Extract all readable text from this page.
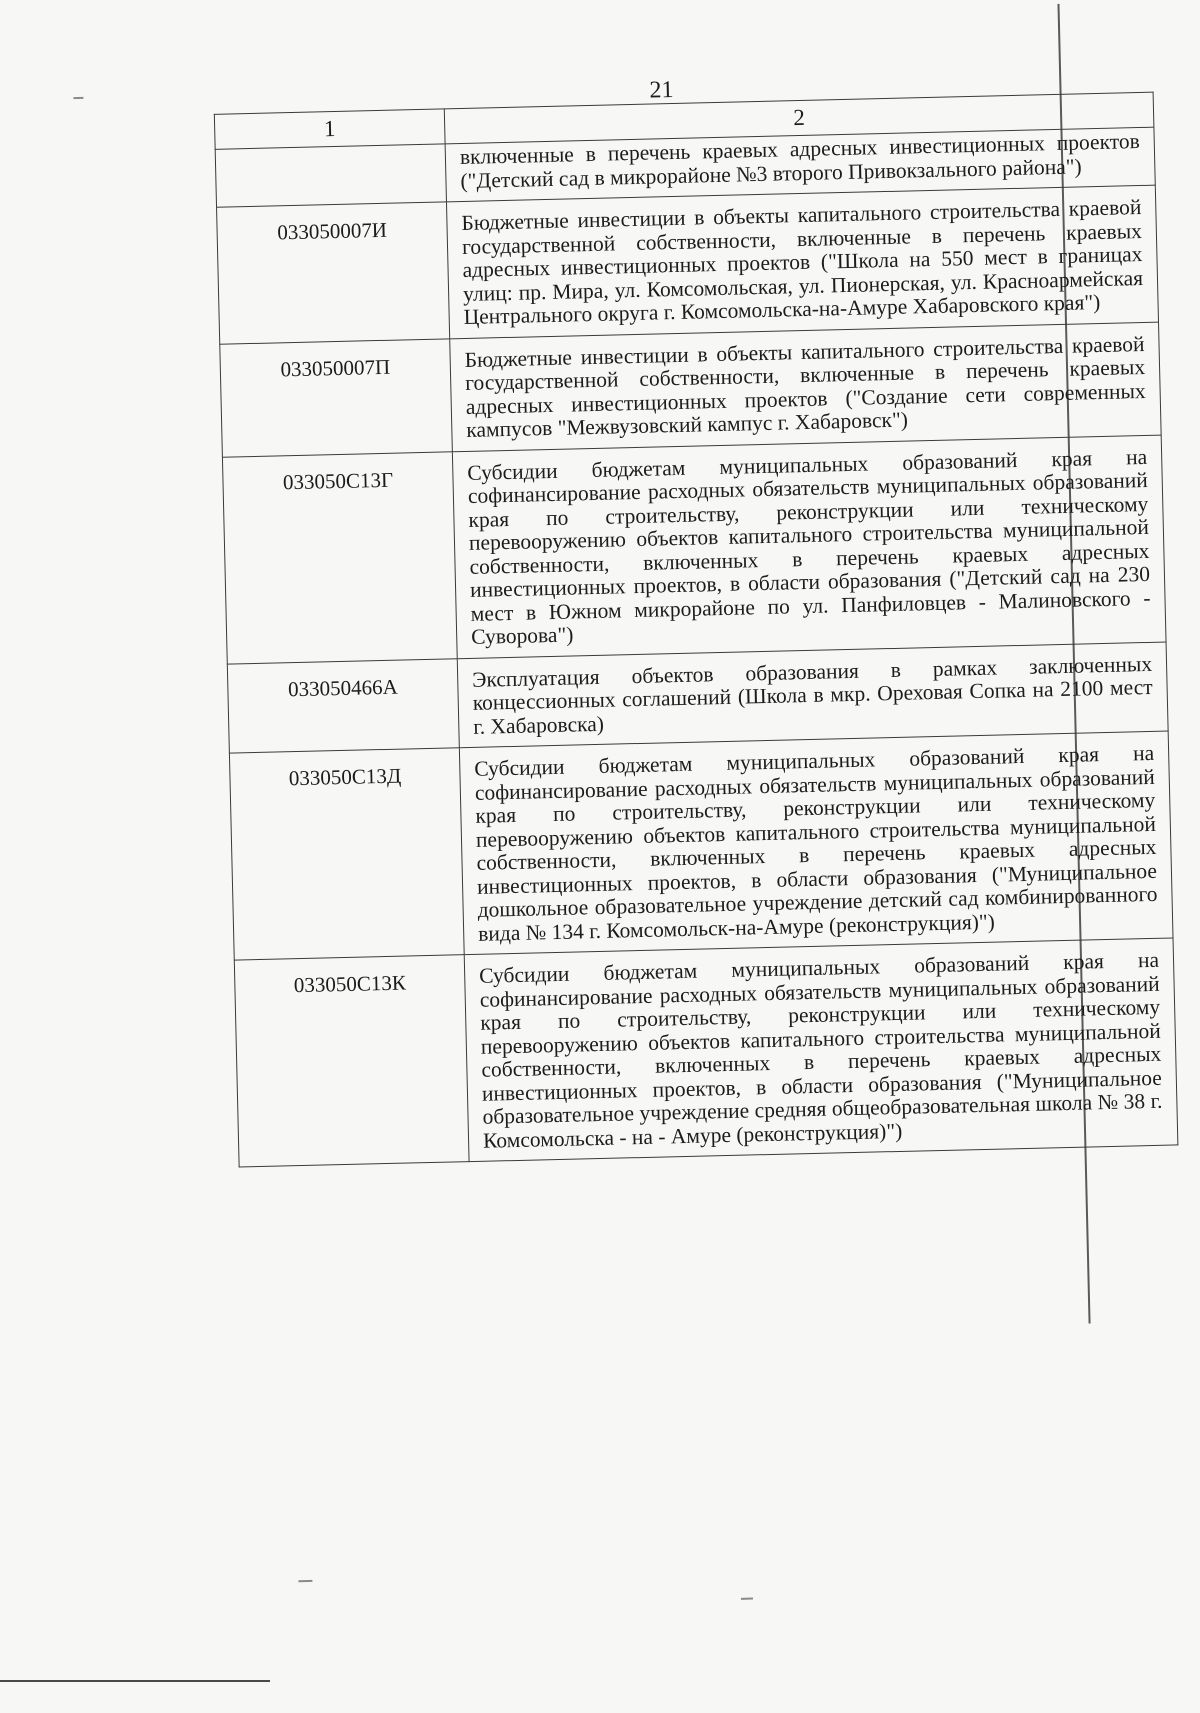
21

1	2
	включенные в перечень краевых адресных инвестиционных проектов ("Детский сад в микрорайоне №3 второго Привокзального района")
033050007И	Бюджетные инвестиции в объекты капитального строительства краевой государственной собственности, включенные в перечень краевых адресных инвестиционных проектов ("Школа на 550 мест в границах улиц: пр. Мира, ул. Комсомольская, ул. Пионерская, ул. Красноармейская Центрального округа г. Комсомольска-на-Амуре Хабаровского края")
033050007П	Бюджетные инвестиции в объекты капитального строительства краевой государственной собственности, включенные в перечень краевых адресных инвестиционных проектов ("Создание сети современных кампусов "Межвузовский кампус г. Хабаровск")
033050С13Г	Субсидии бюджетам муниципальных образований края на софинансирование расходных обязательств муниципальных образований края по строительству, реконструкции или техническому перевооружению объектов капитального строительства муниципальной собственности, включенных в перечень краевых адресных инвестиционных проектов, в области образования ("Детский сад на 230 мест в Южном микрорайоне по ул. Панфиловцев - Малиновского - Суворова")
033050466А	Эксплуатация объектов образования в рамках заключенных концессионных соглашений (Школа в мкр. Ореховая Сопка на 2100 мест г. Хабаровска)
033050С13Д	Субсидии бюджетам муниципальных образований края на софинансирование расходных обязательств муниципальных образований края по строительству, реконструкции или техническому перевооружению объектов капитального строительства муниципальной собственности, включенных в перечень краевых адресных инвестиционных проектов, в области образования ("Муниципальное дошкольное образовательное учреждение детский сад комбинированного вида № 134 г. Комсомольск-на-Амуре (реконструкция)")
033050С13К	Субсидии бюджетам муниципальных образований края на софинансирование расходных обязательств муниципальных образований края по строительству, реконструкции или техническому перевооружению объектов капитального строительства муниципальной собственности, включенных в перечень краевых адресных инвестиционных проектов, в области образования ("Муниципальное образовательное учреждение средняя общеобразовательная школа № 38 г. Комсомольска - на - Амуре (реконструкция)")
